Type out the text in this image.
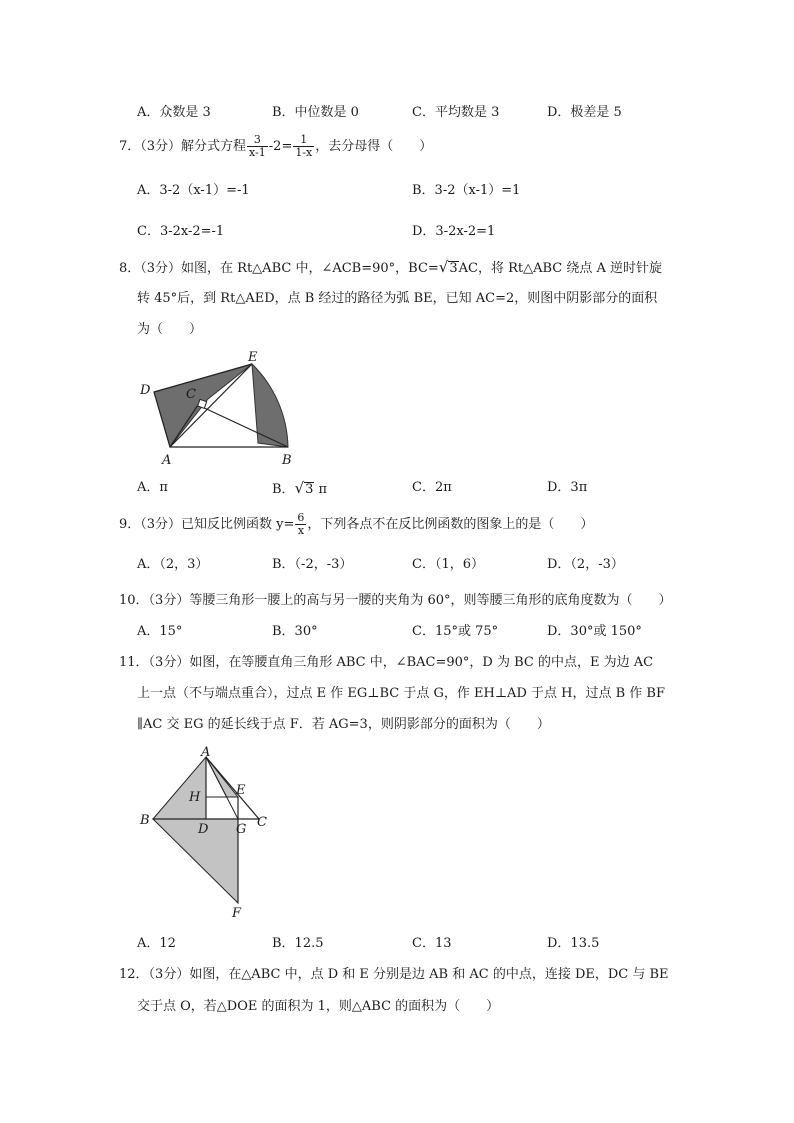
A．众数是 3	B．中位数是 0	C．平均数是 3	D．极差是 5
7．（3分）解分式方程 $\frac{3}{x-1} -2= \frac{1}{1-x}$ ，去分母得（　　）
A．3-2（x-1）=-1	B．3-2（x-1）=1
C．3-2x-2=-1	D．3-2x-2=1
8．（3分）如图，在 Rt△ABC 中，∠ACB=90°，BC=√3AC，将 Rt△ABC 绕点 A 逆时针旋
转 45°后，到 Rt△AED，点 B 经过的路径为弧 BE，已知 AC=2，则图中阴影部分的面积
为（　　）
D
E
C
A	B
A．π	B．√3 π	C．2π	D．3π
9．（3分）已知反比例函数 $y= \frac{6}{x}$ ，下列各点不在反比例函数的图象上的是（　　）
A．（2，3）	B．（-2，-3）	C．（1，6）	D．（2，-3）
10．（3分）等腰三角形一腰上的高与另一腰的夹角为 60°，则等腰三角形的底角度数为（　　）
A．15°	B．30°	C．15°或 75°	D．30°或 150°
11．（3分）如图，在等腰直角三角形 ABC 中，∠BAC=90°，D 为 BC 的中点，E 为边 AC
上一点（不与端点重合），过点 E 作 EG⊥BC 于点 G，作 EH⊥AD 于点 H，过点 B 作 BF
∥AC 交 EG 的延长线于点 F．若 AG=3，则阴影部分的面积为（　　）
A
H	E
B
D G C
F
A．12	B．12.5	C．13	D．13.5
12．（3分）如图，在△ABC 中，点 D 和 E 分别是边 AB 和 AC 的中点，连接 DE，DC 与 BE
交于点 O，若△DOE 的面积为 1，则△ABC 的面积为（　　）
